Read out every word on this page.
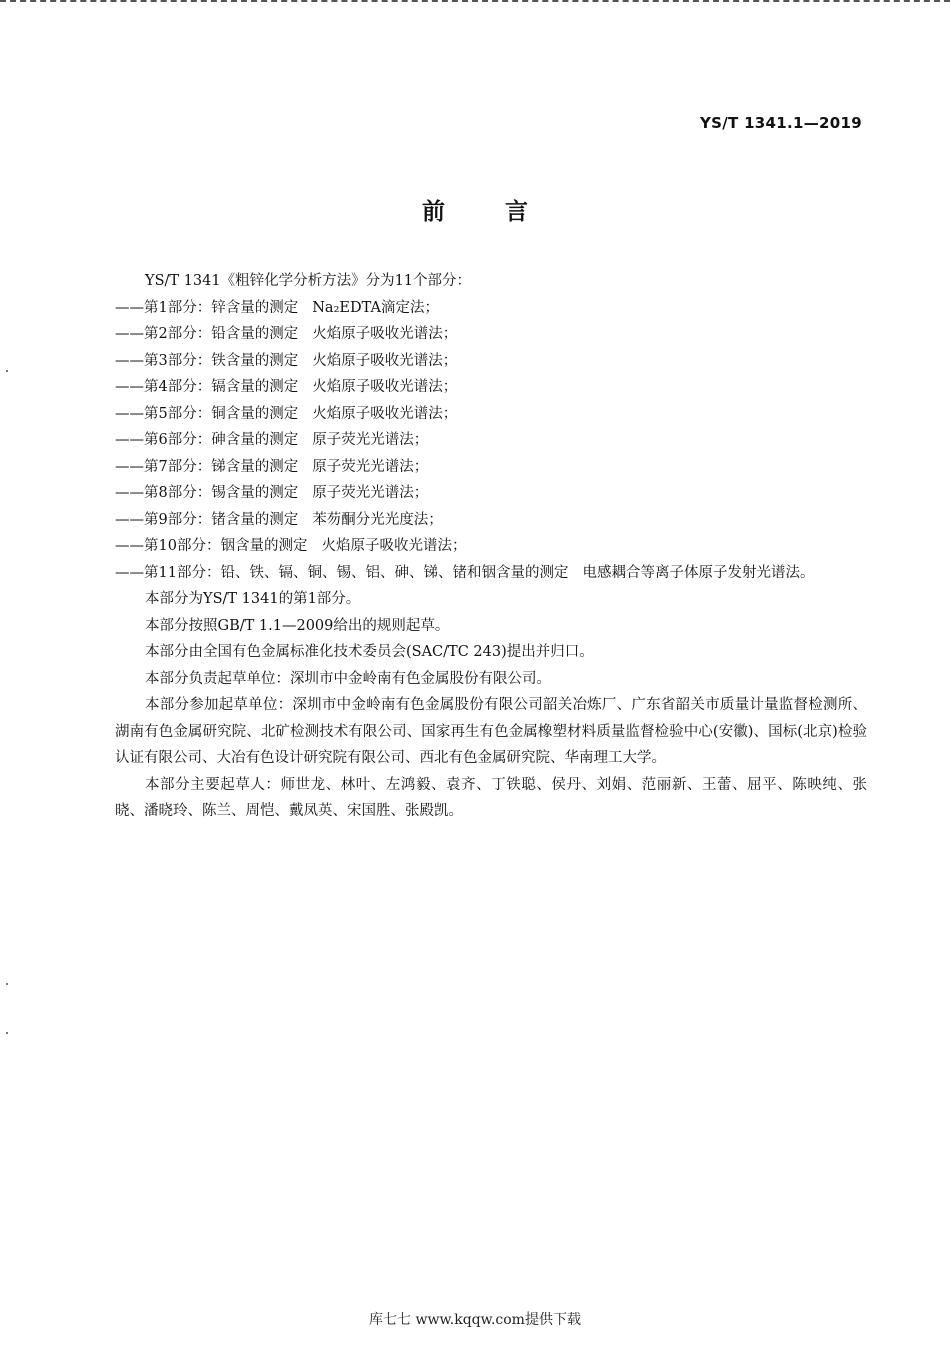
YS/T 1341.1—2019
前言

YS/T 1341《粗锌化学分析方法》分为11个部分：

——第1部分：锌含量的测定 Na₂EDTA滴定法；

——第2部分：铅含量的测定 火焰原子吸收光谱法；

——第3部分：铁含量的测定 火焰原子吸收光谱法；

——第4部分：镉含量的测定 火焰原子吸收光谱法；

——第5部分：铜含量的测定 火焰原子吸收光谱法；

——第6部分：砷含量的测定 原子荧光光谱法；

——第7部分：锑含量的测定 原子荧光光谱法；

——第8部分：锡含量的测定 原子荧光光谱法；

——第9部分：锗含量的测定 苯芴酮分光光度法；

——第10部分：铟含量的测定 火焰原子吸收光谱法；

——第11部分：铅、铁、镉、铜、锡、铝、砷、锑、锗和铟含量的测定 电感耦合等离子体原子发射光谱法。

本部分为YS/T 1341的第1部分。

本部分按照GB/T 1.1—2009给出的规则起草。

本部分由全国有色金属标准化技术委员会(SAC/TC 243)提出并归口。

本部分负责起草单位：深圳市中金岭南有色金属股份有限公司。

本部分参加起草单位：深圳市中金岭南有色金属股份有限公司韶关冶炼厂、广东省韶关市质量计量监督检测所、湖南有色金属研究院、北矿检测技术有限公司、国家再生有色金属橡塑材料质量监督检验中心(安徽)、国标(北京)检验认证有限公司、大冶有色设计研究院有限公司、西北有色金属研究院、华南理工大学。

本部分主要起草人：师世龙、林叶、左鸿毅、袁齐、丁铁聪、侯丹、刘娟、范丽新、王蕾、屈平、陈映纯、张晓、潘晓玲、陈兰、周恺、戴凤英、宋国胜、张殿凯。

库七七 www.kqqw.com提供下载
